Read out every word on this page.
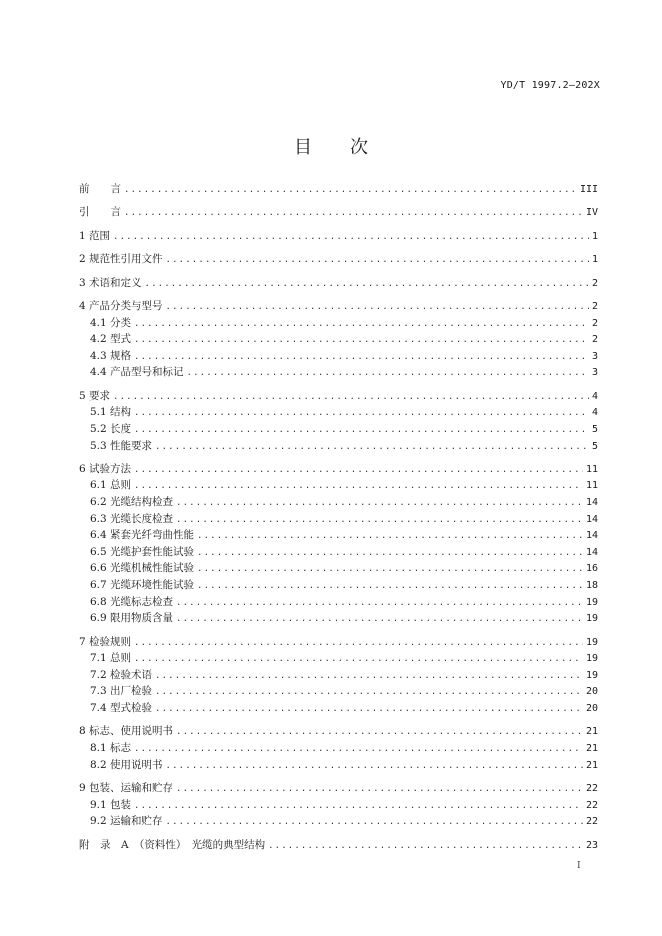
YD/T 1997.2—202X
目 次
前　　言 .....	III
引　　言 .....	IV
1 范围 .....	1
2 规范性引用文件 .....	1
3 术语和定义 .....	2
4 产品分类与型号 .....	2
4.1 分类 .....	2
4.2 型式 .....	2
4.3 规格 .....	3
4.4 产品型号和标记 .....	3
5 要求 .....	4
5.1 结构 .....	4
5.2 长度 .....	5
5.3 性能要求 .....	5
6 试验方法 .....	11
6.1 总则 .....	11
6.2 光缆结构检查 .....	14
6.3 光缆长度检查 .....	14
6.4 紧套光纤弯曲性能 .....	14
6.5 光缆护套性能试验 .....	14
6.6 光缆机械性能试验 .....	16
6.7 光缆环境性能试验 .....	18
6.8 光缆标志检查 .....	19
6.9 限用物质含量 .....	19
7 检验规则 .....	19
7.1 总则 .....	19
7.2 检验术语 .....	19
7.3 出厂检验 .....	20
7.4 型式检验 .....	20
8 标志、使用说明书 .....	21
8.1 标志 .....	21
8.2 使用说明书 .....	21
9 包装、运输和贮存 .....	22
9.1 包装 .....	22
9.2 运输和贮存 .....	22
附　录　A　（资料性）　光缆的典型结构 .....	23
I
